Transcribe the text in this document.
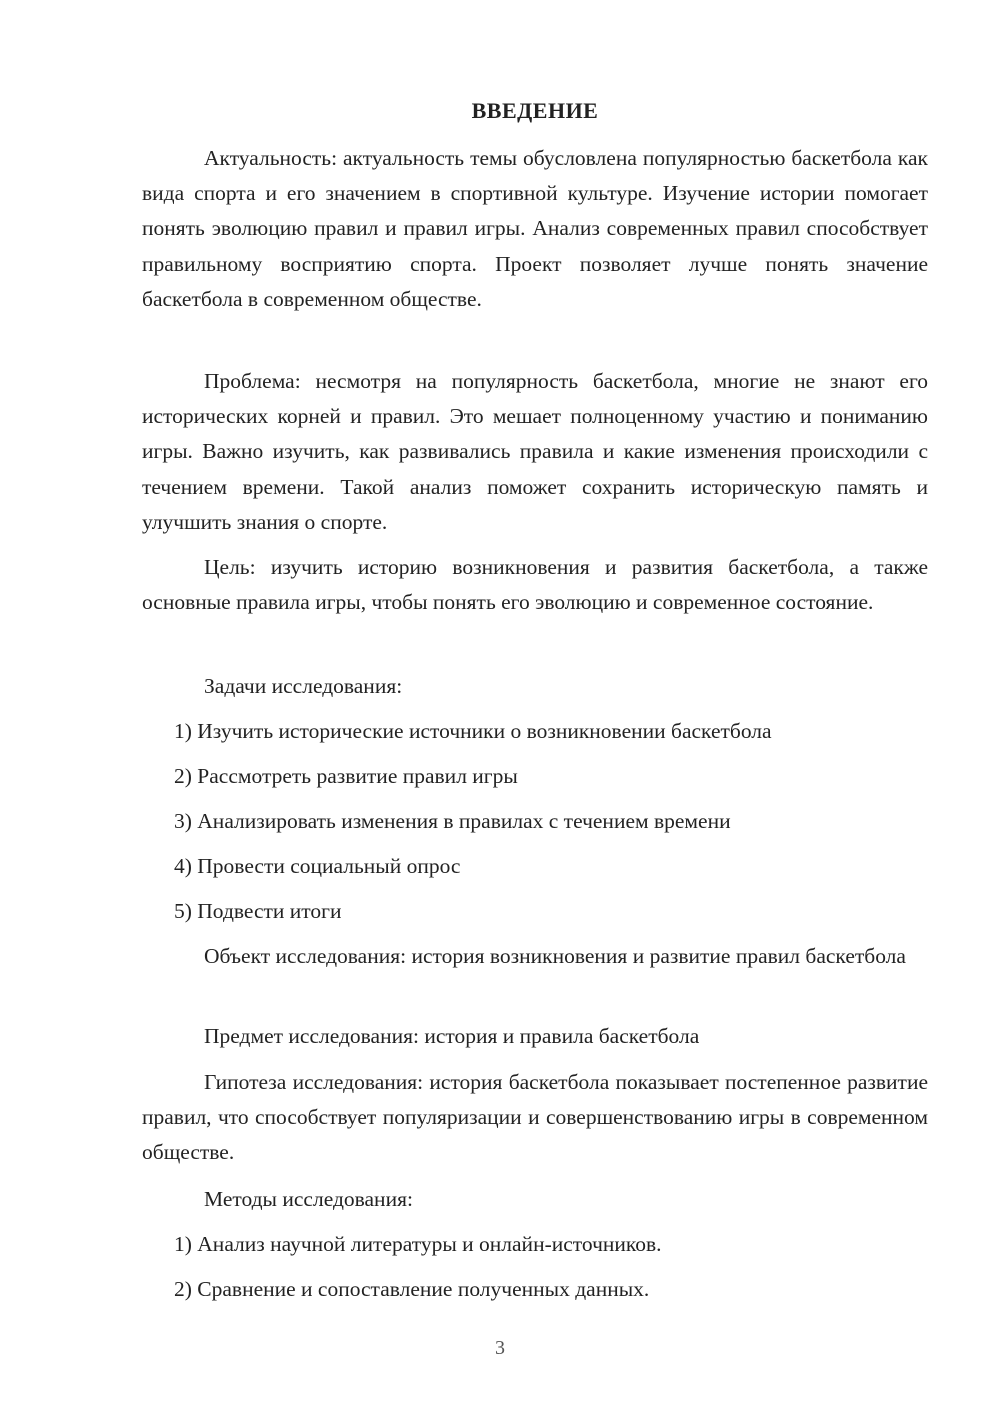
ВВЕДЕНИЕ

Актуальность: актуальность темы обусловлена популярностью баскетбола как вида спорта и его значением в спортивной культуре. Изучение истории помогает понять эволюцию правил и правил игры. Анализ современных правил способствует правильному восприятию спорта. Проект позволяет лучше понять значение баскетбола в современном обществе.

Проблема: несмотря на популярность баскетбола, многие не знают его исторических корней и правил. Это мешает полноценному участию и пониманию игры. Важно изучить, как развивались правила и какие изменения происходили с течением времени. Такой анализ поможет сохранить историческую память и улучшить знания о спорте.

Цель: изучить историю возникновения и развития баскетбола, а также основные правила игры, чтобы понять его эволюцию и современное состояние.

Задачи исследования:

1) Изучить исторические источники о возникновении баскетбола

2) Рассмотреть развитие правил игры

3) Анализировать изменения в правилах с течением времени

4) Провести социальный опрос

5) Подвести итоги

Объект исследования: история возникновения и развитие правил баскетбола

Предмет исследования: история и правила баскетбола

Гипотеза исследования: история баскетбола показывает постепенное развитие правил, что способствует популяризации и совершенствованию игры в современном обществе.

Методы исследования:

1) Анализ научной литературы и онлайн-источников.

2) Сравнение и сопоставление полученных данных.

3
